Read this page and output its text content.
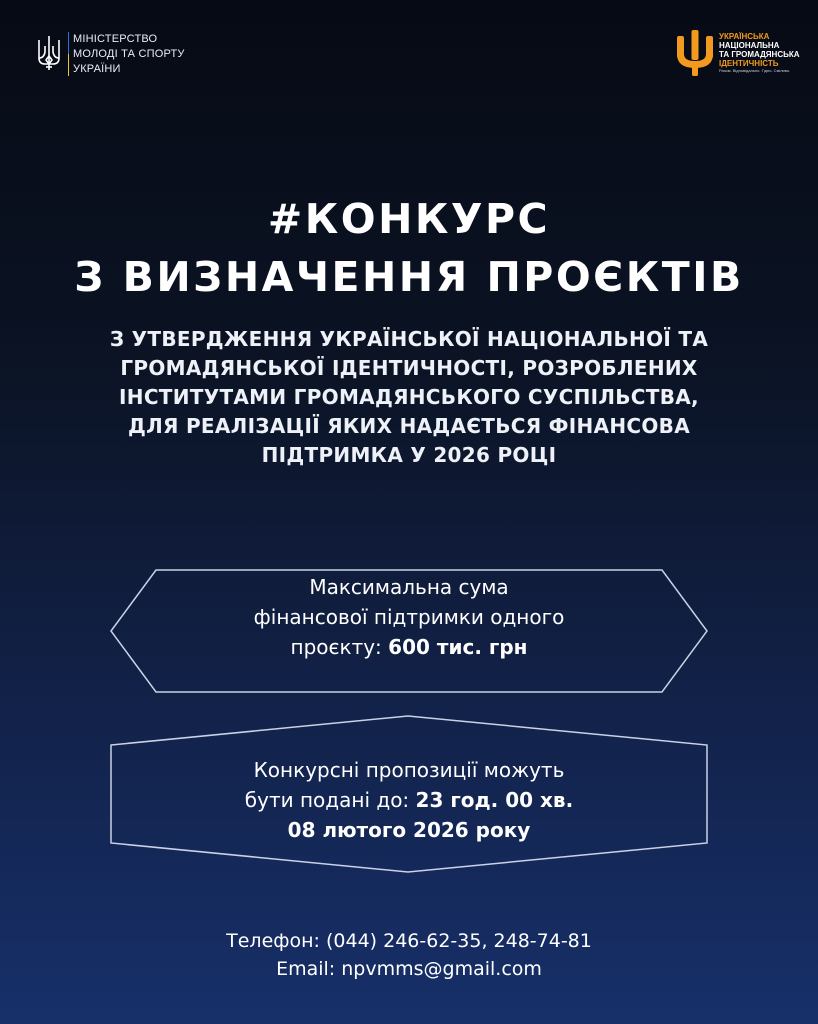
МІНІСТЕРСТВО
МОЛОДІ ТА СПОРТУ
УКРАЇНИ
УКРАЇНСЬКА
НАЦІОНАЛЬНА
ТА ГРОМАДЯНСЬКА
ІДЕНТИЧНІСТЬ
Разом. Відповідально. Гідно. Сміливо.
#КОНКУРС
З ВИЗНАЧЕННЯ ПРОЄКТІВ
З УТВЕРДЖЕННЯ УКРАЇНСЬКОЇ НАЦІОНАЛЬНОЇ ТА
ГРОМАДЯНСЬКОЇ ІДЕНТИЧНОСТІ, РОЗРОБЛЕНИХ
ІНСТИТУТАМИ ГРОМАДЯНСЬКОГО СУСПІЛЬСТВА,
ДЛЯ РЕАЛІЗАЦІЇ ЯКИХ НАДАЄТЬСЯ ФІНАНСОВА
ПІДТРИМКА У 2026 РОЦІ
Максимальна сума
фінансової підтримки одного
проєкту: 600 тис. грн
Конкурсні пропозиції можуть
бути подані до: 23 год. 00 хв.
08 лютого 2026 року
Телефон: (044) 246-62-35, 248-74-81
Email: npvmms@gmail.com
